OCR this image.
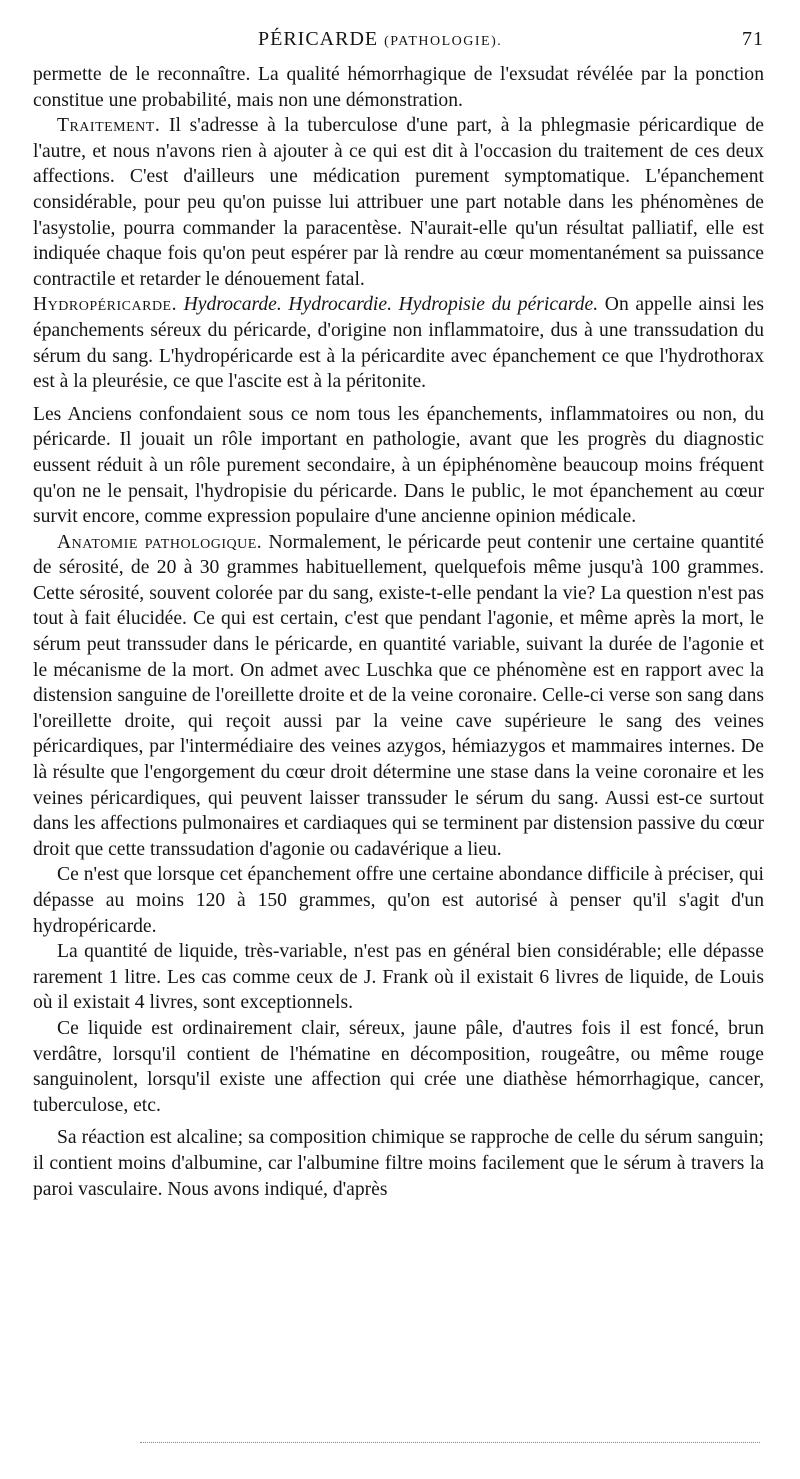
PÉRICARDE (PATHOLOGIE).	71

permette de le reconnaître. La qualité hémorrhagique de l'exsudat révélée par la ponction constitue une probabilité, mais non une démonstration.

Traitement. Il s'adresse à la tuberculose d'une part, à la phlegmasie péricardique de l'autre, et nous n'avons rien à ajouter à ce qui est dit à l'occasion du traitement de ces deux affections. C'est d'ailleurs une médication purement symptomatique. L'épanchement considérable, pour peu qu'on puisse lui attribuer une part notable dans les phénomènes de l'asystolie, pourra commander la paracentèse. N'aurait-elle qu'un résultat palliatif, elle est indiquée chaque fois qu'on peut espérer par là rendre au cœur momentanément sa puissance contractile et retarder le dénouement fatal.

Hydropéricarde. Hydrocarde. Hydrocardie. Hydropisie du péricarde. On appelle ainsi les épanchements séreux du péricarde, d'origine non inflammatoire, dus à une transsudation du sérum du sang. L'hydropéricarde est à la péricardite avec épanchement ce que l'hydrothorax est à la pleurésie, ce que l'ascite est à la péritonite.

Les Anciens confondaient sous ce nom tous les épanchements, inflammatoires ou non, du péricarde. Il jouait un rôle important en pathologie, avant que les progrès du diagnostic eussent réduit à un rôle purement secondaire, à un épiphénomène beaucoup moins fréquent qu'on ne le pensait, l'hydropisie du péricarde. Dans le public, le mot épanchement au cœur survit encore, comme expression populaire d'une ancienne opinion médicale.

Anatomie pathologique. Normalement, le péricarde peut contenir une certaine quantité de sérosité, de 20 à 30 grammes habituellement, quelquefois même jusqu'à 100 grammes. Cette sérosité, souvent colorée par du sang, existe-t-elle pendant la vie? La question n'est pas tout à fait élucidée. Ce qui est certain, c'est que pendant l'agonie, et même après la mort, le sérum peut transsuder dans le péricarde, en quantité variable, suivant la durée de l'agonie et le mécanisme de la mort. On admet avec Luschka que ce phénomène est en rapport avec la distension sanguine de l'oreillette droite et de la veine coronaire. Celle-ci verse son sang dans l'oreillette droite, qui reçoit aussi par la veine cave supérieure le sang des veines péricardiques, par l'intermédiaire des veines azygos, hémiazygos et mammaires internes. De là résulte que l'engorgement du cœur droit détermine une stase dans la veine coronaire et les veines péricardiques, qui peuvent laisser transsuder le sérum du sang. Aussi est-ce surtout dans les affections pulmonaires et cardiaques qui se terminent par distension passive du cœur droit que cette transsudation d'agonie ou cadavérique a lieu.

Ce n'est que lorsque cet épanchement offre une certaine abondance difficile à préciser, qui dépasse au moins 120 à 150 grammes, qu'on est autorisé à penser qu'il s'agit d'un hydropéricarde.

La quantité de liquide, très-variable, n'est pas en général bien considérable; elle dépasse rarement 1 litre. Les cas comme ceux de J. Frank où il existait 6 livres de liquide, de Louis où il existait 4 livres, sont exceptionnels.

Ce liquide est ordinairement clair, séreux, jaune pâle, d'autres fois il est foncé, brun verdâtre, lorsqu'il contient de l'hématine en décomposition, rougeâtre, ou même rouge sanguinolent, lorsqu'il existe une affection qui crée une diathèse hémorrhagique, cancer, tuberculose, etc.

Sa réaction est alcaline; sa composition chimique se rapproche de celle du sérum sanguin; il contient moins d'albumine, car l'albumine filtre moins facilement que le sérum à travers la paroi vasculaire. Nous avons indiqué, d'après
